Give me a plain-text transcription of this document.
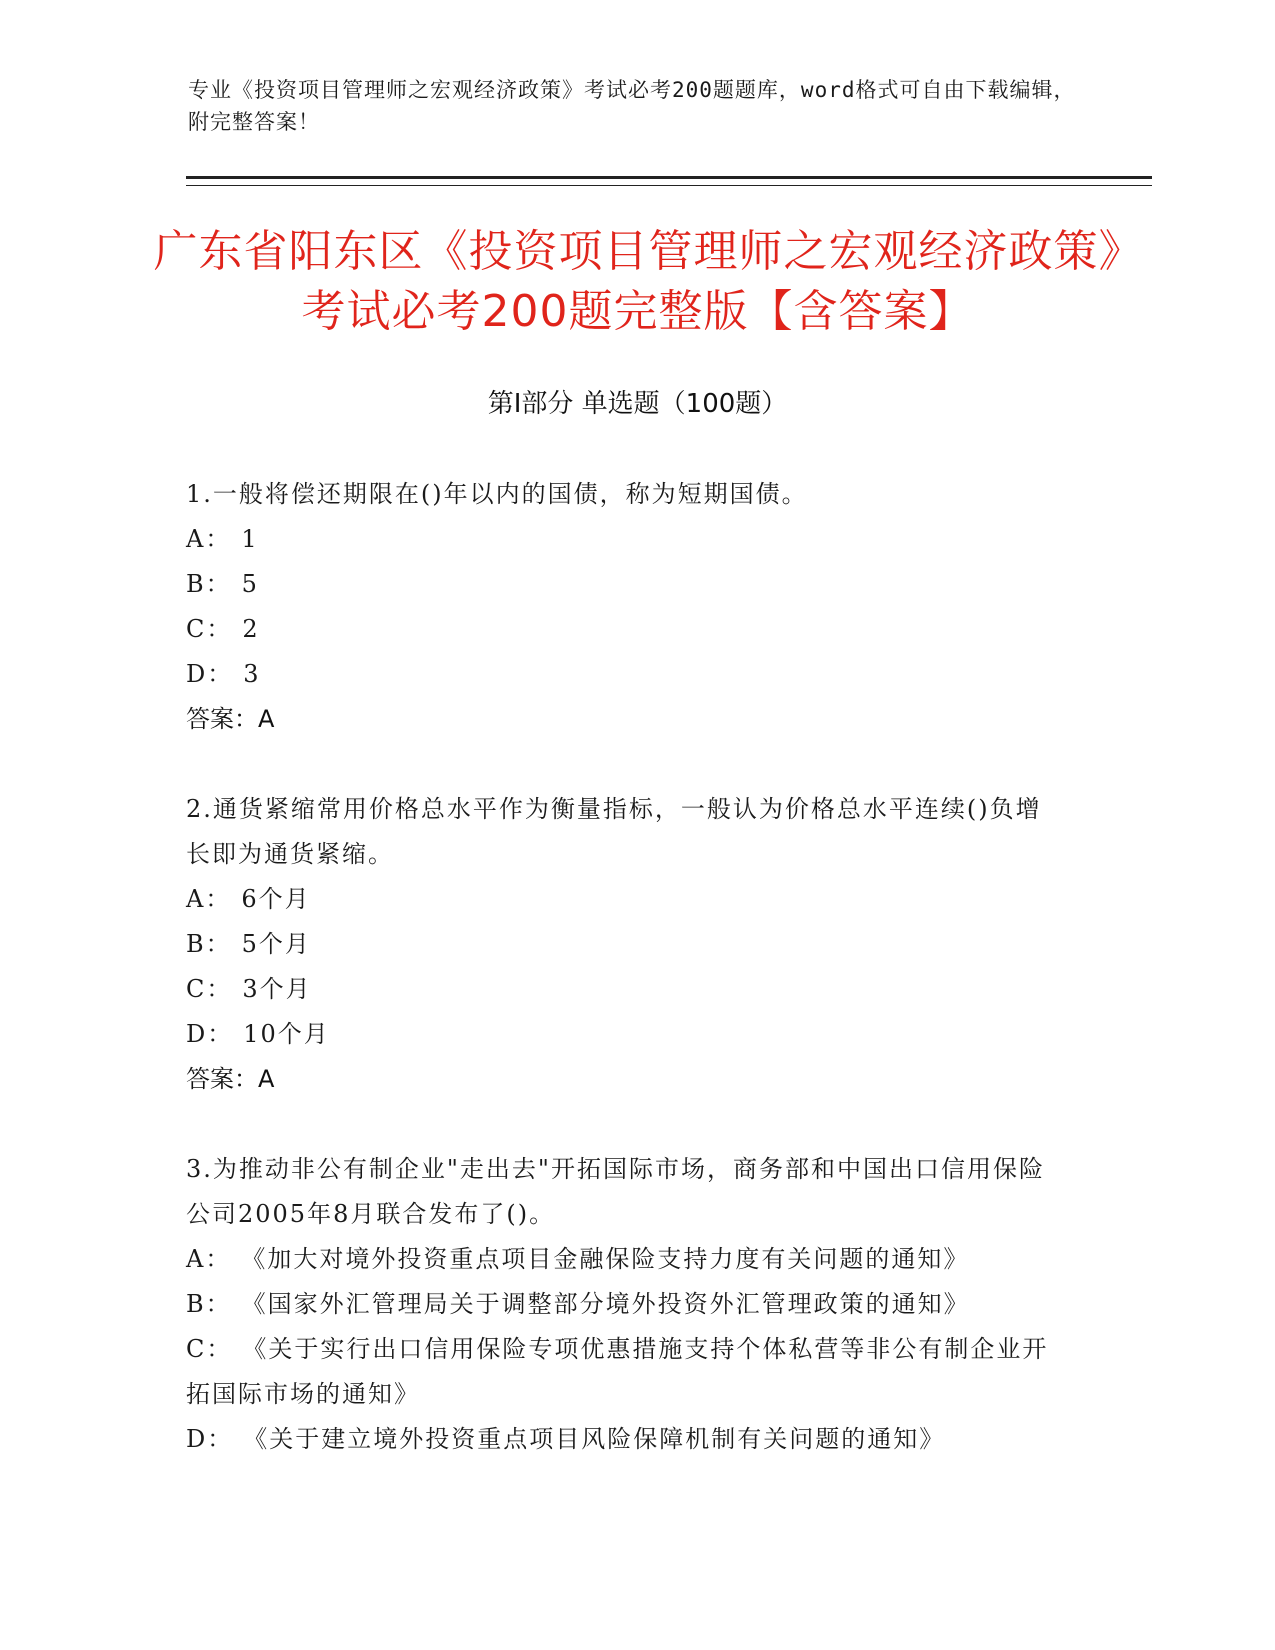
专业《投资项目管理师之宏观经济政策》考试必考200题题库，word格式可自由下载编辑，附完整答案！
广东省阳东区《投资项目管理师之宏观经济政策》考试必考200题完整版【含答案】
第Ⅰ部分 单选题（100题）
1.一般将偿还期限在()年以内的国债，称为短期国债。
A： 1
B： 5
C： 2
D： 3
答案：A
2.通货紧缩常用价格总水平作为衡量指标，一般认为价格总水平连续()负增长即为通货紧缩。
A： 6个月
B： 5个月
C： 3个月
D： 10个月
答案：A
3.为推动非公有制企业"走出去"开拓国际市场，商务部和中国出口信用保险公司2005年8月联合发布了()。
A： 《加大对境外投资重点项目金融保险支持力度有关问题的通知》
B： 《国家外汇管理局关于调整部分境外投资外汇管理政策的通知》
C： 《关于实行出口信用保险专项优惠措施支持个体私营等非公有制企业开拓国际市场的通知》
D： 《关于建立境外投资重点项目风险保障机制有关问题的通知》
